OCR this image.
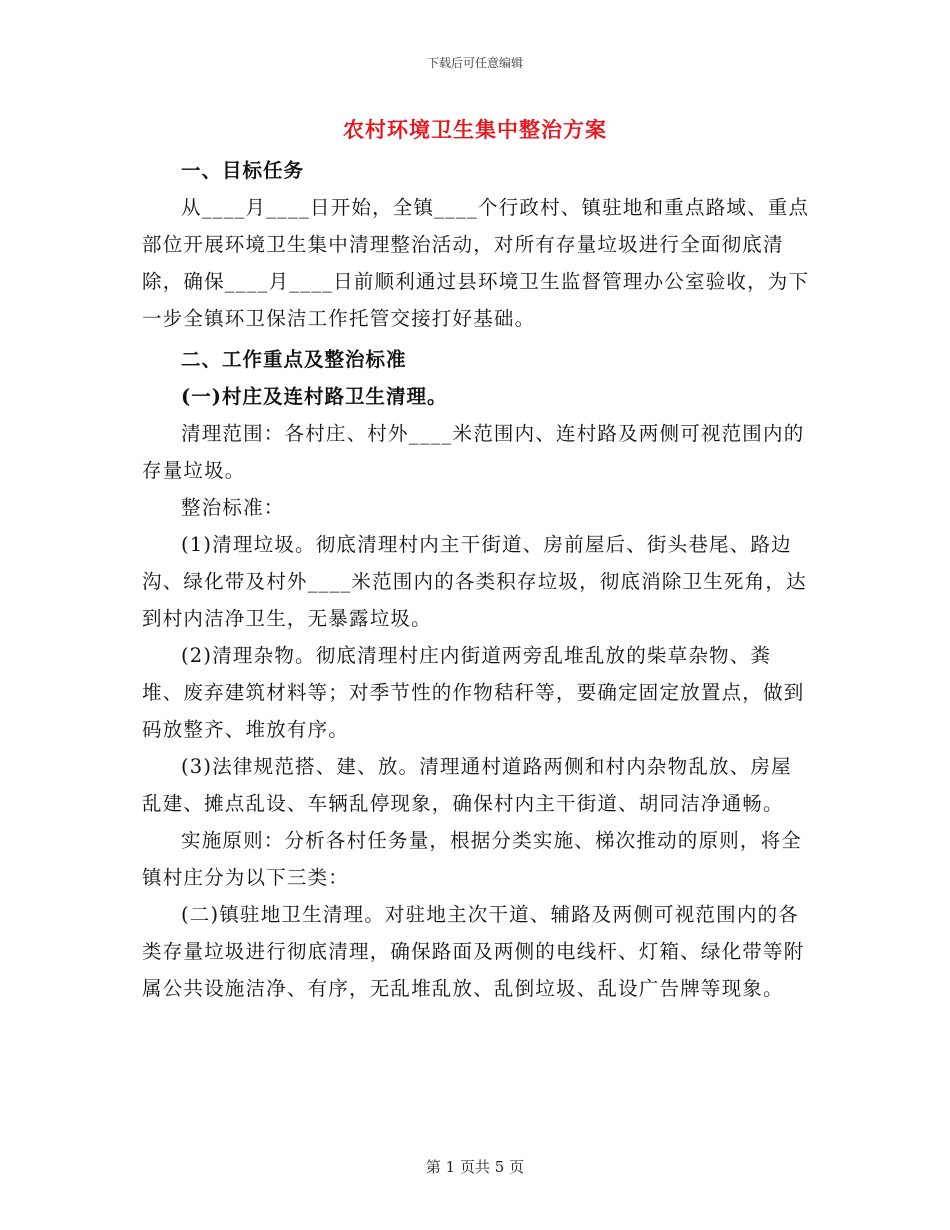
下载后可任意编辑
农村环境卫生集中整治方案

一、目标任务

从____月____日开始，全镇____个行政村、镇驻地和重点路域、重点部位开展环境卫生集中清理整治活动，对所有存量垃圾进行全面彻底清除，确保____月____日前顺利通过县环境卫生监督管理办公室验收，为下一步全镇环卫保洁工作托管交接打好基础。

二、工作重点及整治标准

(一)村庄及连村路卫生清理。

清理范围：各村庄、村外____米范围内、连村路及两侧可视范围内的存量垃圾。

整治标准：

(1)清理垃圾。彻底清理村内主干街道、房前屋后、街头巷尾、路边沟、绿化带及村外____米范围内的各类积存垃圾，彻底消除卫生死角，达到村内洁净卫生，无暴露垃圾。

(2)清理杂物。彻底清理村庄内街道两旁乱堆乱放的柴草杂物、粪堆、废弃建筑材料等；对季节性的作物秸秆等，要确定固定放置点，做到码放整齐、堆放有序。

(3)法律规范搭、建、放。清理通村道路两侧和村内杂物乱放、房屋乱建、摊点乱设、车辆乱停现象，确保村内主干街道、胡同洁净通畅。

实施原则：分析各村任务量，根据分类实施、梯次推动的原则，将全镇村庄分为以下三类：

(二)镇驻地卫生清理。对驻地主次干道、辅路及两侧可视范围内的各类存量垃圾进行彻底清理，确保路面及两侧的电线杆、灯箱、绿化带等附属公共设施洁净、有序，无乱堆乱放、乱倒垃圾、乱设广告牌等现象。

第 1 页共 5 页
